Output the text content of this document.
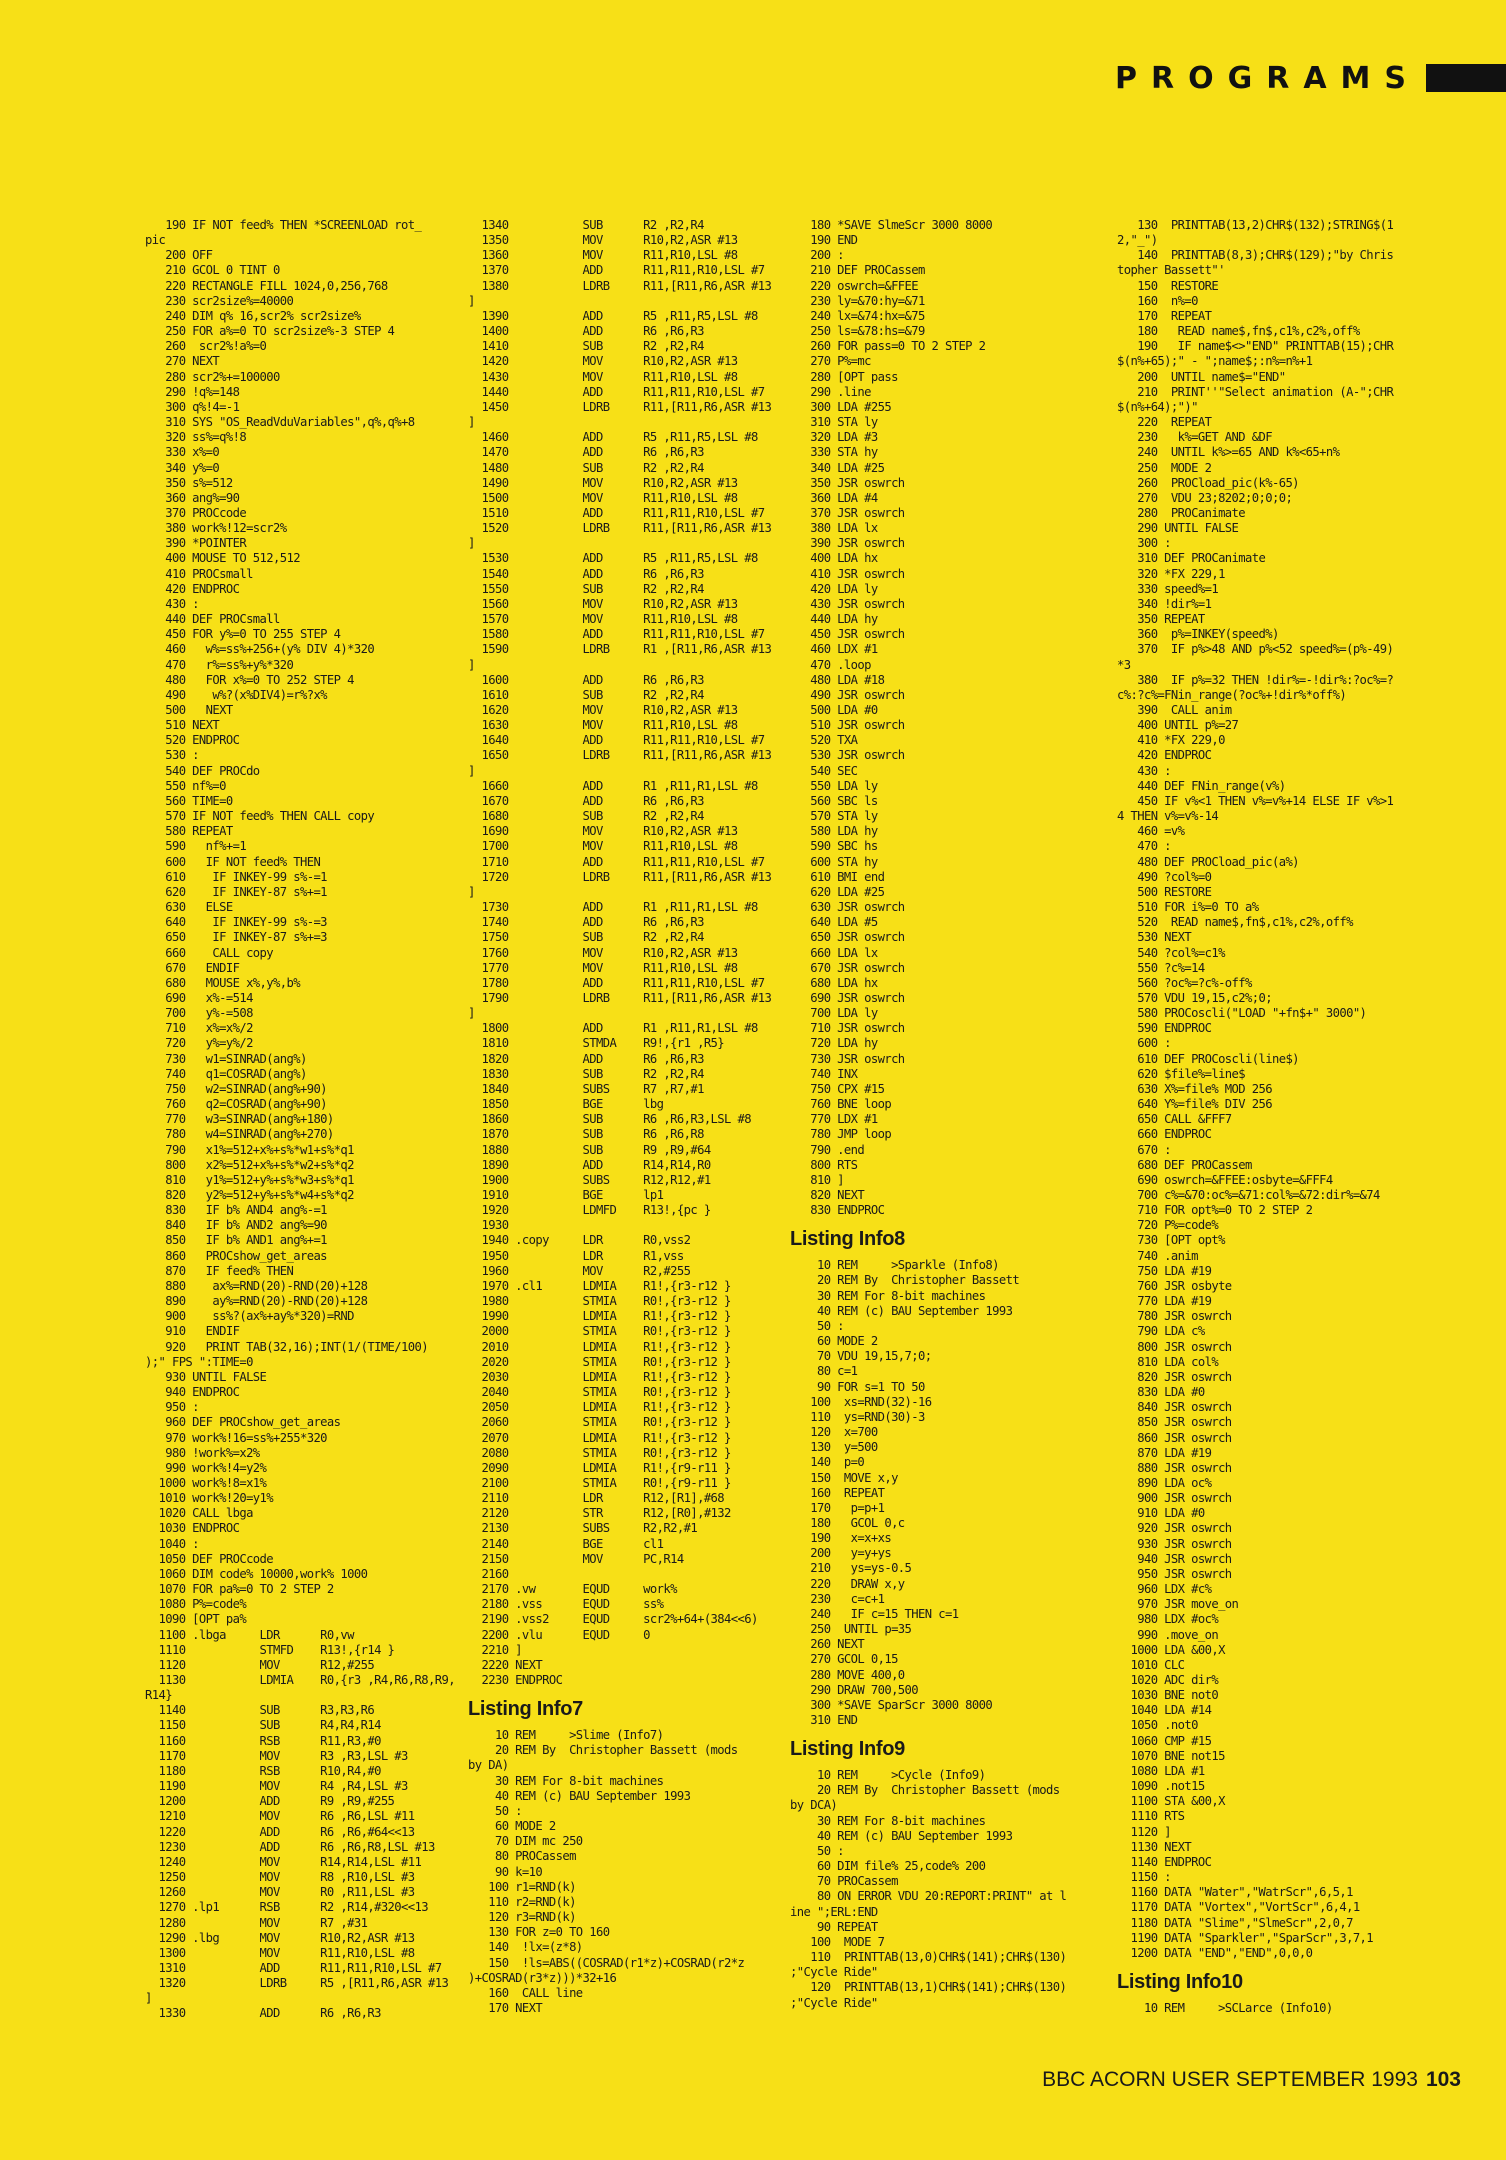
PROGRAMS
190 IF NOT feed% THEN *SCREENLOAD rot_
pic
200 OFF
210 GCOL 0 TINT 0
220 RECTANGLE FILL 1024,0,256,768
230 scr2size%=40000
240 DIM q% 16,scr2% scr2size%
250 FOR a%=0 TO scr2size%-3 STEP 4
260  scr2%!a%=0
270 NEXT
280 scr2%+=100000
290 !q%=148
300 q%!4=-1
310 SYS "OS_ReadVduVariables",q%,q%+8
320 ss%=q%!8
330 x%=0
340 y%=0
350 s%=512
360 ang%=90
370 PROCcode
380 work%!12=scr2%
390 *POINTER
400 MOUSE TO 512,512
410 PROCsmall
420 ENDPROC
430 :
440 DEF PROCsmall
450 FOR y%=0 TO 255 STEP 4
460   w%=ss%+256+(y% DIV 4)*320
470   r%=ss%+y%*320
480   FOR x%=0 TO 252 STEP 4
490    w%?(x%DIV4)=r%?x%
500   NEXT
510 NEXT
520 ENDPROC
530 :
540 DEF PROCdo
550 nf%=0
560 TIME=0
570 IF NOT feed% THEN CALL copy
580 REPEAT
590   nf%+=1
600   IF NOT feed% THEN
610    IF INKEY-99 s%-=1
620    IF INKEY-87 s%+=1
630   ELSE
640    IF INKEY-99 s%-=3
650    IF INKEY-87 s%+=3
660    CALL copy
670   ENDIF
680   MOUSE x%,y%,b%
690   x%-=514
700   y%-=508
710   x%=x%/2
720   y%=y%/2
730   w1=SINRAD(ang%)
740   q1=COSRAD(ang%)
750   w2=SINRAD(ang%+90)
760   q2=COSRAD(ang%+90)
770   w3=SINRAD(ang%+180)
780   w4=SINRAD(ang%+270)
790   x1%=512+x%+s%*w1+s%*q1
800   x2%=512+x%+s%*w2+s%*q2
810   y1%=512+y%+s%*w3+s%*q1
820   y2%=512+y%+s%*w4+s%*q2
830   IF b% AND4 ang%-=1
840   IF b% AND2 ang%=90
850   IF b% AND1 ang%+=1
860   PROCshow_get_areas
870   IF feed% THEN
880    ax%=RND(20)-RND(20)+128
890    ay%=RND(20)-RND(20)+128
900    ss%?(ax%+ay%*320)=RND
910   ENDIF
920   PRINT TAB(32,16);INT(1/(TIME/100)
);" FPS ":TIME=0
930 UNTIL FALSE
940 ENDPROC
950 :
960 DEF PROCshow_get_areas
970 work%!16=ss%+255*320
980 !work%=x2%
990 work%!4=y2%
1000 work%!8=x1%
1010 work%!20=y1%
1020 CALL lbga
1030 ENDPROC
1040 :
1050 DEF PROCcode
1060 DIM code% 10000,work% 1000
1070 FOR pa%=0 TO 2 STEP 2
1080 P%=code%
1090 [OPT pa%
1100 .lbga     LDR      R0,vw
1110           STMFD    R13!,{r14 }
1120           MOV      R12,#255
1130           LDMIA    R0,{r3 ,R4,R6,R8,R9,
R14}
1140           SUB      R3,R3,R6
1150           SUB      R4,R4,R14
1160           RSB      R11,R3,#0
1170           MOV      R3 ,R3,LSL #3
1180           RSB      R10,R4,#0
1190           MOV      R4 ,R4,LSL #3
1200           ADD      R9 ,R9,#255
1210           MOV      R6 ,R6,LSL #11
1220           ADD      R6 ,R6,#64<<13
1230           ADD      R6 ,R6,R8,LSL #13
1240           MOV      R14,R14,LSL #11
1250           MOV      R8 ,R10,LSL #3
1260           MOV      R0 ,R11,LSL #3
1270 .lp1      RSB      R2 ,R14,#320<<13
1280           MOV      R7 ,#31
1290 .lbg      MOV      R10,R2,ASR #13
1300           MOV      R11,R10,LSL #8
1310           ADD      R11,R11,R10,LSL #7
1320           LDRB     R5 ,[R11,R6,ASR #13
]
1330           ADD      R6 ,R6,R3
1340           SUB      R2 ,R2,R4
1350           MOV      R10,R2,ASR #13
1360           MOV      R11,R10,LSL #8
1370           ADD      R11,R11,R10,LSL #7
1380           LDRB     R11,[R11,R6,ASR #13
]
1390           ADD      R5 ,R11,R5,LSL #8
1400           ADD      R6 ,R6,R3
1410           SUB      R2 ,R2,R4
1420           MOV      R10,R2,ASR #13
1430           MOV      R11,R10,LSL #8
1440           ADD      R11,R11,R10,LSL #7
1450           LDRB     R11,[R11,R6,ASR #13
]
1460           ADD      R5 ,R11,R5,LSL #8
1470           ADD      R6 ,R6,R3
1480           SUB      R2 ,R2,R4
1490           MOV      R10,R2,ASR #13
1500           MOV      R11,R10,LSL #8
1510           ADD      R11,R11,R10,LSL #7
1520           LDRB     R11,[R11,R6,ASR #13
]
1530           ADD      R5 ,R11,R5,LSL #8
1540           ADD      R6 ,R6,R3
1550           SUB      R2 ,R2,R4
1560           MOV      R10,R2,ASR #13
1570           MOV      R11,R10,LSL #8
1580           ADD      R11,R11,R10,LSL #7
1590           LDRB     R1 ,[R11,R6,ASR #13
]
1600           ADD      R6 ,R6,R3
1610           SUB      R2 ,R2,R4
1620           MOV      R10,R2,ASR #13
1630           MOV      R11,R10,LSL #8
1640           ADD      R11,R11,R10,LSL #7
1650           LDRB     R11,[R11,R6,ASR #13
]
1660           ADD      R1 ,R11,R1,LSL #8
1670           ADD      R6 ,R6,R3
1680           SUB      R2 ,R2,R4
1690           MOV      R10,R2,ASR #13
1700           MOV      R11,R10,LSL #8
1710           ADD      R11,R11,R10,LSL #7
1720           LDRB     R11,[R11,R6,ASR #13
]
1730           ADD      R1 ,R11,R1,LSL #8
1740           ADD      R6 ,R6,R3
1750           SUB      R2 ,R2,R4
1760           MOV      R10,R2,ASR #13
1770           MOV      R11,R10,LSL #8
1780           ADD      R11,R11,R10,LSL #7
1790           LDRB     R11,[R11,R6,ASR #13
]
1800           ADD      R1 ,R11,R1,LSL #8
1810           STMDA    R9!,{r1 ,R5}
1820           ADD      R6 ,R6,R3
1830           SUB      R2 ,R2,R4
1840           SUBS     R7 ,R7,#1
1850           BGE      lbg
1860           SUB      R6 ,R6,R3,LSL #8
1870           SUB      R6 ,R6,R8
1880           SUB      R9 ,R9,#64
1890           ADD      R14,R14,R0
1900           SUBS     R12,R12,#1
1910           BGE      lp1
1920           LDMFD    R13!,{pc }
1930
1940 .copy     LDR      R0,vss2
1950           LDR      R1,vss
1960           MOV      R2,#255
1970 .cl1      LDMIA    R1!,{r3-r12 }
1980           STMIA    R0!,{r3-r12 }
1990           LDMIA    R1!,{r3-r12 }
2000           STMIA    R0!,{r3-r12 }
2010           LDMIA    R1!,{r3-r12 }
2020           STMIA    R0!,{r3-r12 }
2030           LDMIA    R1!,{r3-r12 }
2040           STMIA    R0!,{r3-r12 }
2050           LDMIA    R1!,{r3-r12 }
2060           STMIA    R0!,{r3-r12 }
2070           LDMIA    R1!,{r3-r12 }
2080           STMIA    R0!,{r3-r12 }
2090           LDMIA    R1!,{r9-r11 }
2100           STMIA    R0!,{r9-r11 }
2110           LDR      R12,[R1],#68
2120           STR      R12,[R0],#132
2130           SUBS     R2,R2,#1
2140           BGE      cl1
2150           MOV      PC,R14
2160
2170 .vw       EQUD     work%
2180 .vss      EQUD     ss%
2190 .vss2     EQUD     scr2%+64+(384<<6)
2200 .vlu      EQUD     0
2210 ]
2220 NEXT
2230 ENDPROC
Listing Info7
10 REM     >Slime (Info7)
20 REM By  Christopher Bassett (mods
by DA)
30 REM For 8-bit machines
40 REM (c) BAU September 1993
50 :
60 MODE 2
70 DIM mc 250
80 PROCassem
90 k=10
100 r1=RND(k)
110 r2=RND(k)
120 r3=RND(k)
130 FOR z=0 TO 160
140  !lx=(z*8)
150  !ls=ABS((COSRAD(r1*z)+COSRAD(r2*z
)+COSRAD(r3*z)))*32+16
160  CALL line
170 NEXT
180 *SAVE SlmeScr 3000 8000
190 END
200 :
210 DEF PROCassem
220 oswrch=&FFEE
230 ly=&70:hy=&71
240 lx=&74:hx=&75
250 ls=&78:hs=&79
260 FOR pass=0 TO 2 STEP 2
270 P%=mc
280 [OPT pass
290 .line
300 LDA #255
310 STA ly
320 LDA #3
330 STA hy
340 LDA #25
350 JSR oswrch
360 LDA #4
370 JSR oswrch
380 LDA lx
390 JSR oswrch
400 LDA hx
410 JSR oswrch
420 LDA ly
430 JSR oswrch
440 LDA hy
450 JSR oswrch
460 LDX #1
470 .loop
480 LDA #18
490 JSR oswrch
500 LDA #0
510 JSR oswrch
520 TXA
530 JSR oswrch
540 SEC
550 LDA ly
560 SBC ls
570 STA ly
580 LDA hy
590 SBC hs
600 STA hy
610 BMI end
620 LDA #25
630 JSR oswrch
640 LDA #5
650 JSR oswrch
660 LDA lx
670 JSR oswrch
680 LDA hx
690 JSR oswrch
700 LDA ly
710 JSR oswrch
720 LDA hy
730 JSR oswrch
740 INX
750 CPX #15
760 BNE loop
770 LDX #1
780 JMP loop
790 .end
800 RTS
810 ]
820 NEXT
830 ENDPROC
Listing Info8
10 REM     >Sparkle (Info8)
20 REM By  Christopher Bassett
30 REM For 8-bit machines
40 REM (c) BAU September 1993
50 :
60 MODE 2
70 VDU 19,15,7;0;
80 c=1
90 FOR s=1 TO 50
100  xs=RND(32)-16
110  ys=RND(30)-3
120  x=700
130  y=500
140  p=0
150  MOVE x,y
160  REPEAT
170   p=p+1
180   GCOL 0,c
190   x=x+xs
200   y=y+ys
210   ys=ys-0.5
220   DRAW x,y
230   c=c+1
240   IF c=15 THEN c=1
250  UNTIL p=35
260 NEXT
270 GCOL 0,15
280 MOVE 400,0
290 DRAW 700,500
300 *SAVE SparScr 3000 8000
310 END
Listing Info9
10 REM     >Cycle (Info9)
20 REM By  Christopher Bassett (mods
by DCA)
30 REM For 8-bit machines
40 REM (c) BAU September 1993
50 :
60 DIM file% 25,code% 200
70 PROCassem
80 ON ERROR VDU 20:REPORT:PRINT" at l
ine ";ERL:END
90 REPEAT
100  MODE 7
110  PRINTTAB(13,0)CHR$(141);CHR$(130)
;"Cycle Ride"
120  PRINTTAB(13,1)CHR$(141);CHR$(130)
;"Cycle Ride"
130  PRINTTAB(13,2)CHR$(132);STRING$(1
2,"_")
140  PRINTTAB(8,3);CHR$(129);"by Chris
topher Bassett"'
150  RESTORE
160  n%=0
170  REPEAT
180   READ name$,fn$,c1%,c2%,off%
190   IF name$<>"END" PRINTTAB(15);CHR
$(n%+65);" - ";name$;:n%=n%+1
200  UNTIL name$="END"
210  PRINT''"Select animation (A-";CHR
$(n%+64);")"
220  REPEAT
230   k%=GET AND &DF
240  UNTIL k%>=65 AND k%<65+n%
250  MODE 2
260  PROCload_pic(k%-65)
270  VDU 23;8202;0;0;0;
280  PROCanimate
290 UNTIL FALSE
300 :
310 DEF PROCanimate
320 *FX 229,1
330 speed%=1
340 !dir%=1
350 REPEAT
360  p%=INKEY(speed%)
370  IF p%>48 AND p%<52 speed%=(p%-49)
*3
380  IF p%=32 THEN !dir%=-!dir%:?oc%=?
c%:?c%=FNin_range(?oc%+!dir%*off%)
390  CALL anim
400 UNTIL p%=27
410 *FX 229,0
420 ENDPROC
430 :
440 DEF FNin_range(v%)
450 IF v%<1 THEN v%=v%+14 ELSE IF v%>1
4 THEN v%=v%-14
460 =v%
470 :
480 DEF PROCload_pic(a%)
490 ?col%=0
500 RESTORE
510 FOR i%=0 TO a%
520  READ name$,fn$,c1%,c2%,off%
530 NEXT
540 ?col%=c1%
550 ?c%=14
560 ?oc%=?c%-off%
570 VDU 19,15,c2%;0;
580 PROCoscli("LOAD "+fn$+" 3000")
590 ENDPROC
600 :
610 DEF PROCoscli(line$)
620 $file%=line$
630 X%=file% MOD 256
640 Y%=file% DIV 256
650 CALL &FFF7
660 ENDPROC
670 :
680 DEF PROCassem
690 oswrch=&FFEE:osbyte=&FFF4
700 c%=&70:oc%=&71:col%=&72:dir%=&74
710 FOR opt%=0 TO 2 STEP 2
720 P%=code%
730 [OPT opt%
740 .anim
750 LDA #19
760 JSR osbyte
770 LDA #19
780 JSR oswrch
790 LDA c%
800 JSR oswrch
810 LDA col%
820 JSR oswrch
830 LDA #0
840 JSR oswrch
850 JSR oswrch
860 JSR oswrch
870 LDA #19
880 JSR oswrch
890 LDA oc%
900 JSR oswrch
910 LDA #0
920 JSR oswrch
930 JSR oswrch
940 JSR oswrch
950 JSR oswrch
960 LDX #c%
970 JSR move_on
980 LDX #oc%
990 .move_on
1000 LDA &00,X
1010 CLC
1020 ADC dir%
1030 BNE not0
1040 LDA #14
1050 .not0
1060 CMP #15
1070 BNE not15
1080 LDA #1
1090 .not15
1100 STA &00,X
1110 RTS
1120 ]
1130 NEXT
1140 ENDPROC
1150 :
1160 DATA "Water","WatrScr",6,5,1
1170 DATA "Vortex","VortScr",6,4,1
1180 DATA "Slime","SlmeScr",2,0,7
1190 DATA "Sparkler","SparScr",3,7,1
1200 DATA "END","END",0,0,0
Listing Info10
10 REM     >SCLarce (Info10)
BBC ACORN USER SEPTEMBER 1993 103
